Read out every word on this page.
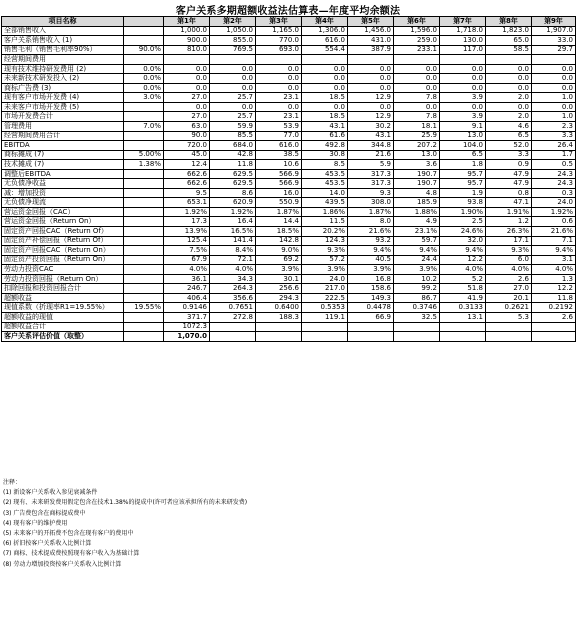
客户关系多期超额收益法估算表—年度平均余额法
项目名称		第1年	第2年	第3年	第4年	第5年	第6年	第7年	第8年	第9年
全部销售收入		1,000.0	1,050.0	1,165.0	1,306.0	1,456.0	1,596.0	1,718.0	1,823.0	1,907.0
客户关系销售收入 (1)		900.0	855.0	770.0	616.0	431.0	259.0	130.0	65.0	33.0
销售毛利（销售毛利率90%）	90.0%	810.0	769.5	693.0	554.4	387.9	233.1	117.0	58.5	29.7
经营期间费用										
现有技术维持研发费用 (2)	0.0%	0.0	0.0	0.0	0.0	0.0	0.0	0.0	0.0	0.0
未来新技术研发投入 (2)	0.0%	0.0	0.0	0.0	0.0	0.0	0.0	0.0	0.0	0.0
商标广告费 (3)	0.0%	0.0	0.0	0.0	0.0	0.0	0.0	0.0	0.0	0.0
现有客户市场开发费 (4)	3.0%	27.0	25.7	23.1	18.5	12.9	7.8	3.9	2.0	1.0
未来客户市场开发费 (5)		0.0	0.0	0.0	0.0	0.0	0.0	0.0	0.0	0.0
市场开发费合计		27.0	25.7	23.1	18.5	12.9	7.8	3.9	2.0	1.0
管理费用	7.0%	63.0	59.9	53.9	43.1	30.2	18.1	9.1	4.6	2.3
经营期间费用合计		90.0	85.5	77.0	61.6	43.1	25.9	13.0	6.5	3.3
EBITDA		720.0	684.0	616.0	492.8	344.8	207.2	104.0	52.0	26.4
商标摊成 (7)	5.00%	45.0	42.8	38.5	30.8	21.6	13.0	6.5	3.3	1.7
技术摊成 (7)	1.38%	12.4	11.8	10.6	8.5	5.9	3.6	1.8	0.9	0.5
调整后EBITDA		662.6	629.5	566.9	453.5	317.3	190.7	95.7	47.9	24.3
无负债净收益		662.6	629.5	566.9	453.5	317.3	190.7	95.7	47.9	24.3
减：增加投资		9.5	8.6	16.0	14.0	9.3	4.8	1.9	0.8	0.3
无负债净现流		653.1	620.9	550.9	439.5	308.0	185.9	93.8	47.1	24.0
营运资金回报（CAC）		1.92%	1.92%	1.87%	1.86%	1.87%	1.88%	1.90%	1.91%	1.92%
营运资金回报（Return On）		17.3	16.4	14.4	11.5	8.0	4.9	2.5	1.2	0.6
固定资产回报CAC（Return Of）		13.9%	16.5%	18.5%	20.2%	21.6%	23.1%	24.6%	26.3%	21.6%
固定资产补偿回报（Return Of）		125.4	141.4	142.8	124.3	93.2	59.7	32.0	17.1	7.1
固定资产回报CAC（Return On）		7.5%	8.4%	9.0%	9.3%	9.4%	9.4%	9.4%	9.3%	9.4%
固定资产投资回报（Return On）		67.9	72.1	69.2	57.2	40.5	24.4	12.2	6.0	3.1
劳动力投资CAC		4.0%	4.0%	3.9%	3.9%	3.9%	3.9%	4.0%	4.0%	4.0%
劳动力投资回报（Return On）		36.1	34.3	30.1	24.0	16.8	10.2	5.2	2.6	1.3
扣除回报和投资回报合计		246.7	264.3	256.6	217.0	158.6	99.2	51.8	27.0	12.2
超额收益		406.4	356.6	294.3	222.5	149.3	86.7	41.9	20.1	11.8
现值系数（折现率R1=19.55%）	19.55%	0.9146	0.7651	0.6400	0.5353	0.4478	0.3746	0.3133	0.2621	0.2192
超额收益的现值		371.7	272.8	188.3	119.1	66.9	32.5	13.1	5.3	2.6
超额收益合计		1072.3								
客户关系评估价值（取整）		1,070.0								
注释：
(1) 新设客户关系收入参见衰减条件
(2) 现有、未来研发费用假定包含在技术1.38%的提成中(许可者应该承担所有的未来研发费)
(3) 广告费包含在商标提成费中
(4) 现有客户的维护费用
(5) 未来客户的开拓费不包含在现有客户的费用中
(6) 折旧按客户关系收入比例计算
(7) 商标、技术提成费按照现有客户收入为基础计算
(8) 劳动力增加投资按客户关系收入比例计算
